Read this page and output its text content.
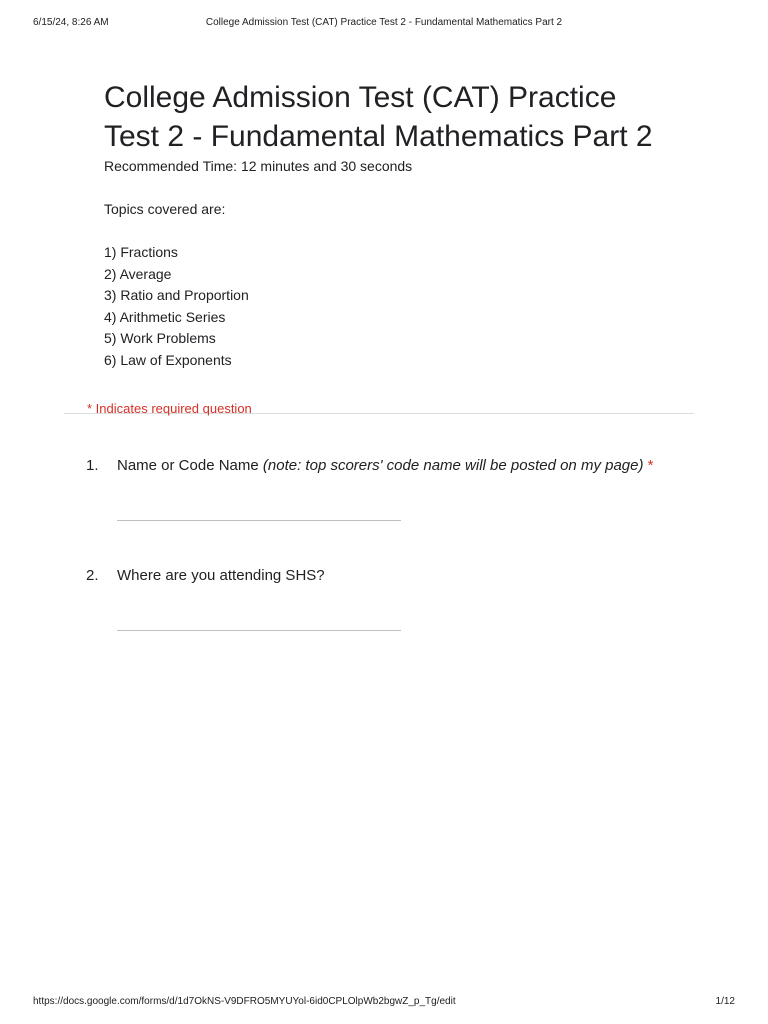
6/15/24, 8:26 AM	College Admission Test (CAT) Practice Test 2 - Fundamental Mathematics Part 2
College Admission Test (CAT) Practice
Test 2 - Fundamental Mathematics Part 2

Recommended Time: 12 minutes and 30 seconds

Topics covered are:

1) Fractions

2) Average

3) Ratio and Proportion

4) Arithmetic Series

5) Work Problems

6) Law of Exponents

* Indicates required question
1. Name or Code Name (note: top scorers' code name will be posted on my page) *
2. Where are you attending SHS?
https://docs.google.com/forms/d/1d7OkNS-V9DFRO5MYUYol-6id0CPLOlpWb2bgwZ_p_Tg/edit	1/12
